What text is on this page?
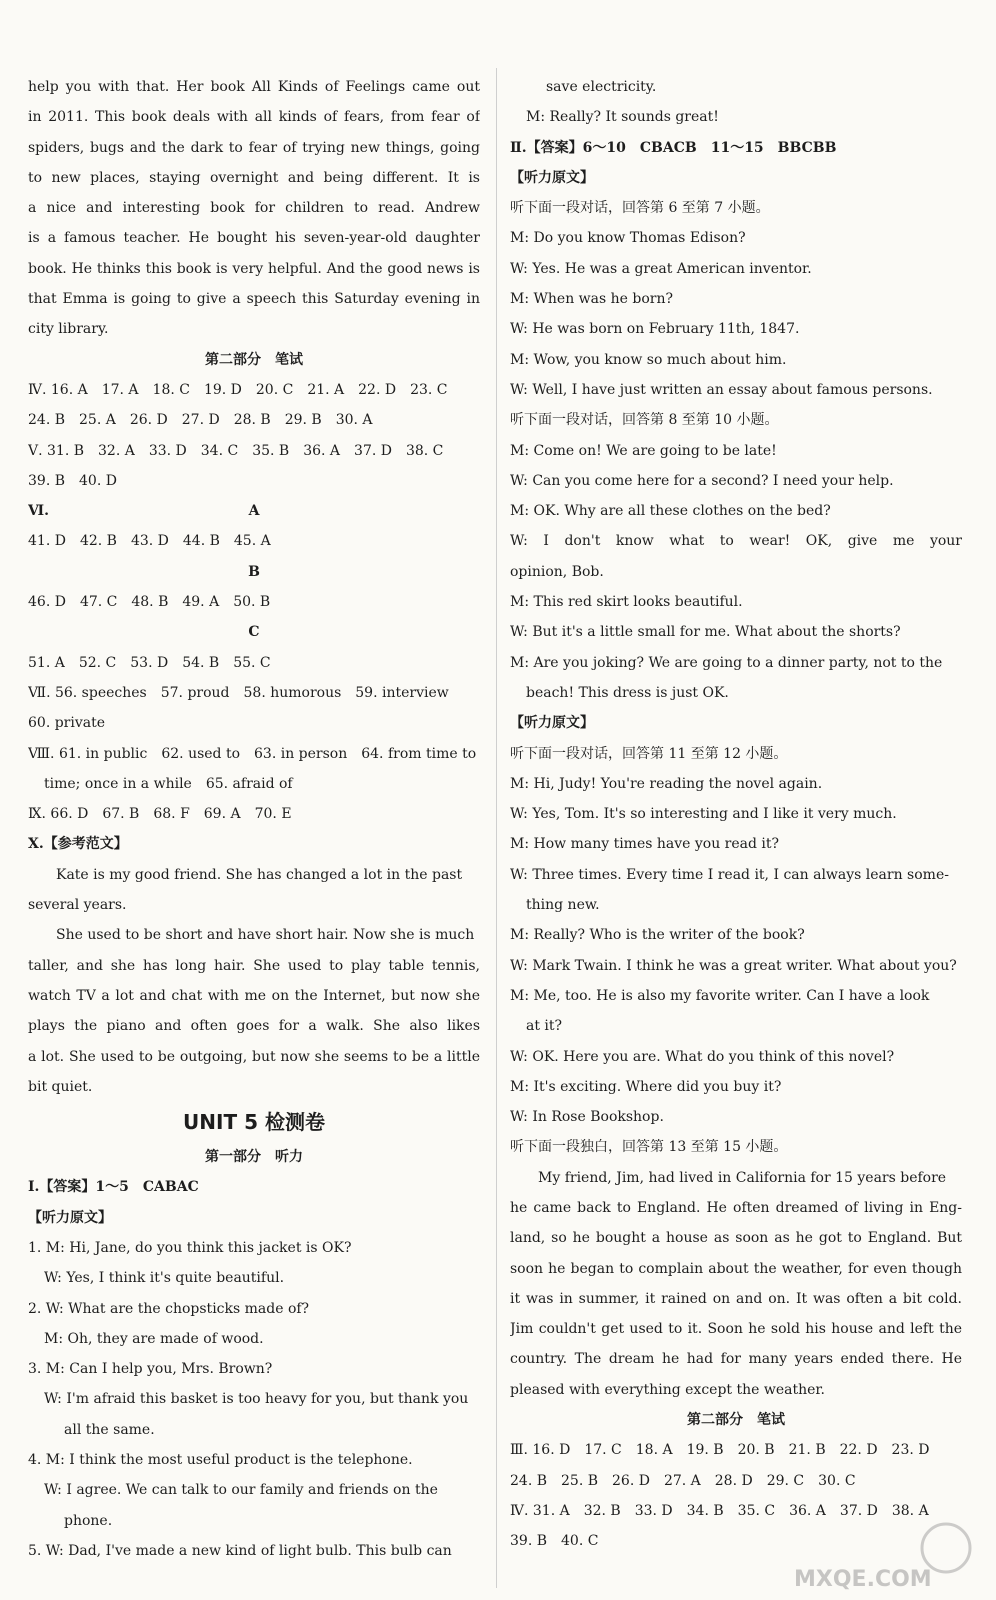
help you with that. Her book All Kinds of Feelings came out
in 2011. This book deals with all kinds of fears, from fear of
spiders, bugs and the dark to fear of trying new things, going
to new places, staying overnight and being different. It is
a nice and interesting book for children to read. Andrew
is a famous teacher. He bought his seven-year-old daughter
book. He thinks this book is very helpful. And the good news is
that Emma is going to give a speech this Saturday evening in
city library.
第二部分　笔试
Ⅳ. 16. A　17. A　18. C　19. D　20. C　21. A　22. D　23. C
24. B　25. A　26. D　27. D　28. B　29. B　30. A
Ⅴ. 31. B　32. A　33. D　34. C　35. B　36. A　37. D　38. C
39. B　40. D
Ⅵ.	A
41. D　42. B　43. D　44. B　45. A
B
46. D　47. C　48. B　49. A　50. B
C
51. A　52. C　53. D　54. B　55. C
Ⅶ. 56. speeches　57. proud　58. humorous　59. interview
60. private
Ⅷ. 61. in public　62. used to　63. in person　64. from time to
time; once in a while　65. afraid of
Ⅸ. 66. D　67. B　68. F　69. A　70. E
Ⅹ.【参考范文】
Kate is my good friend. She has changed a lot in the past
several years.
She used to be short and have short hair. Now she is much
taller, and she has long hair. She used to play table tennis,
watch TV a lot and chat with me on the Internet, but now she
plays the piano and often goes for a walk. She also likes
a lot. She used to be outgoing, but now she seems to be a little
bit quiet.
UNIT 5 检测卷
第一部分　听力
Ⅰ.【答案】1～5　CABAC
【听力原文】
1. M: Hi, Jane, do you think this jacket is OK?
W: Yes, I think it's quite beautiful.
2. W: What are the chopsticks made of?
M: Oh, they are made of wood.
3. M: Can I help you, Mrs. Brown?
W: I'm afraid this basket is too heavy for you, but thank you
all the same.
4. M: I think the most useful product is the telephone.
W: I agree. We can talk to our family and friends on the
phone.
5. W: Dad, I've made a new kind of light bulb. This bulb can
save electricity.
M: Really? It sounds great!
Ⅱ.【答案】6～10　CBACB　11～15　BBCBB
【听力原文】
听下面一段对话，回答第 6 至第 7 小题。
M: Do you know Thomas Edison?
W: Yes. He was a great American inventor.
M: When was he born?
W: He was born on February 11th, 1847.
M: Wow, you know so much about him.
W: Well, I have just written an essay about famous persons.
听下面一段对话，回答第 8 至第 10 小题。
M: Come on! We are going to be late!
W: Can you come here for a second? I need your help.
M: OK. Why are all these clothes on the bed?
W: I don't know what to wear! OK, give me your
opinion, Bob.
M: This red skirt looks beautiful.
W: But it's a little small for me. What about the shorts?
M: Are you joking? We are going to a dinner party, not to the
beach! This dress is just OK.
【听力原文】
听下面一段对话，回答第 11 至第 12 小题。
M: Hi, Judy! You're reading the novel again.
W: Yes, Tom. It's so interesting and I like it very much.
M: How many times have you read it?
W: Three times. Every time I read it, I can always learn some-
thing new.
M: Really? Who is the writer of the book?
W: Mark Twain. I think he was a great writer. What about you?
M: Me, too. He is also my favorite writer. Can I have a look
at it?
W: OK. Here you are. What do you think of this novel?
M: It's exciting. Where did you buy it?
W: In Rose Bookshop.
听下面一段独白，回答第 13 至第 15 小题。
My friend, Jim, had lived in California for 15 years before
he came back to England. He often dreamed of living in Eng-
land, so he bought a house as soon as he got to England. But
soon he began to complain about the weather, for even though
it was in summer, it rained on and on. It was often a bit cold.
Jim couldn't get used to it. Soon he sold his house and left the
country. The dream he had for many years ended there. He
pleased with everything except the weather.
第二部分　笔试
Ⅲ. 16. D　17. C　18. A　19. B　20. B　21. B　22. D　23. D
24. B　25. B　26. D　27. A　28. D　29. C　30. C
Ⅳ. 31. A　32. B　33. D　34. B　35. C　36. A　37. D　38. A
39. B　40. C
MXQE.COM
